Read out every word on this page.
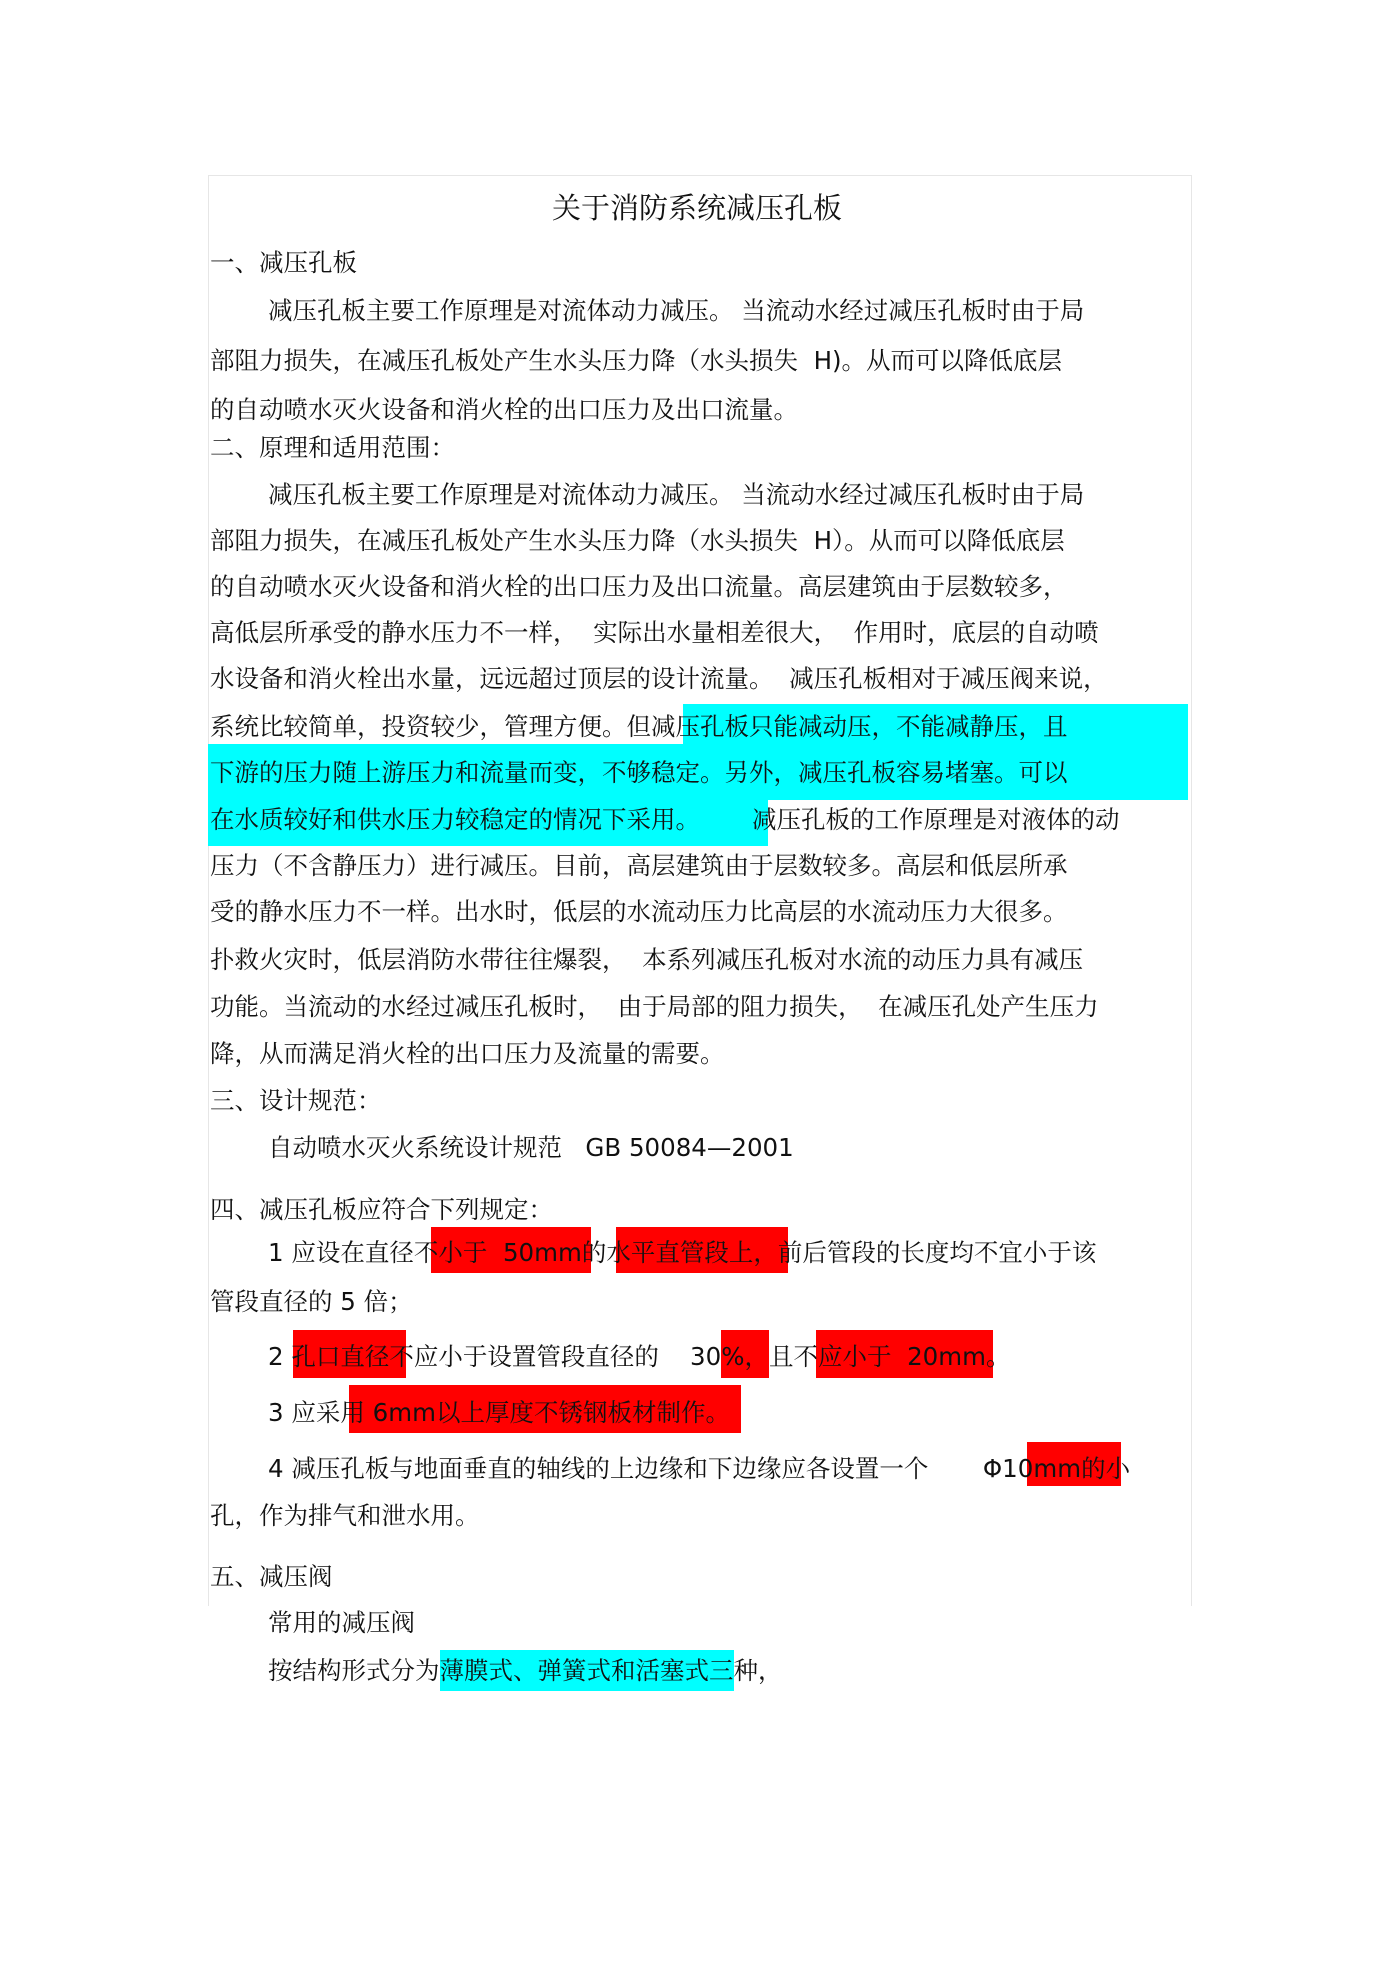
关于消防系统减压孔板
一、减压孔板
减压孔板主要工作原理是对流体动力减压。 当流动水经过减压孔板时由于局
部阻力损失，在减压孔板处产生水头压力降（水头损失  H)。从而可以降低底层
的自动喷水灭火设备和消火栓的出口压力及出口流量。
二、原理和适用范围：
减压孔板主要工作原理是对流体动力减压。 当流动水经过减压孔板时由于局
部阻力损失，在减压孔板处产生水头压力降（水头损失  H）。从而可以降低底层
的自动喷水灭火设备和消火栓的出口压力及出口流量。高层建筑由于层数较多，
高低层所承受的静水压力不一样，  实际出水量相差很大，  作用时，底层的自动喷
水设备和消火栓出水量，远远超过顶层的设计流量。  减压孔板相对于减压阀来说，
系统比较简单，投资较少，管理方便。但减压孔板只能减动压，不能减静压，且
下游的压力随上游压力和流量而变，不够稳定。另外，减压孔板容易堵塞。可以
在水质较好和供水压力较稳定的情况下采用。 减压孔板的工作原理是对液体的动
压力（不含静压力）进行减压。目前，高层建筑由于层数较多。高层和低层所承
受的静水压力不一样。出水时，低层的水流动压力比高层的水流动压力大很多。
扑救火灾时，低层消防水带往往爆裂，  本系列减压孔板对水流的动压力具有减压
功能。当流动的水经过减压孔板时，  由于局部的阻力损失，  在减压孔处产生压力
降，从而满足消火栓的出口压力及流量的需要。
三、设计规范：
自动喷水灭火系统设计规范   GB 50084—2001
四、减压孔板应符合下列规定：
1 应设在直径不小于  50mm的水平直管段上，前后管段的长度均不宜小于该
管段直径的 5 倍；
2 孔口直径不应小于设置管段直径的    30%，且不应小于  20mm。
3 应采用 6mm以上厚度不锈钢板材制作。
4 减压孔板与地面垂直的轴线的上边缘和下边缘应各设置一个       Φ10mm的小
孔，作为排气和泄水用。
五、减压阀
常用的减压阀
按结构形式分为薄膜式、弹簧式和活塞式三种，
